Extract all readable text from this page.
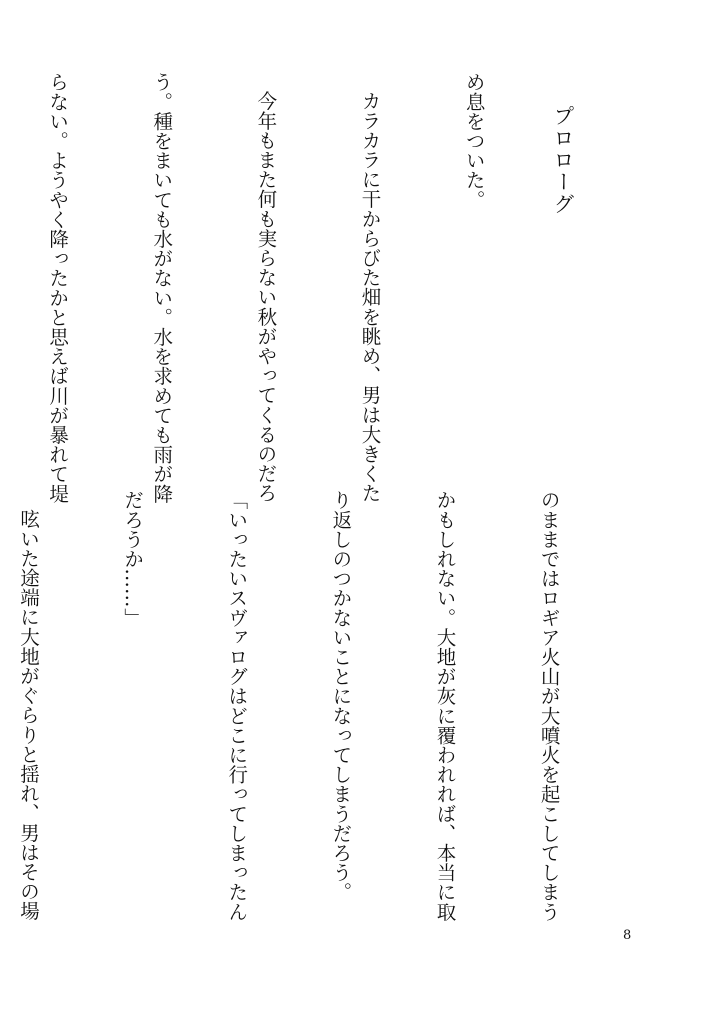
プロローグ

め息をついた。

カラカラに干からびた畑を眺め、男は大きくた

今年もまた何も実らない秋がやってくるのだろ

う。種をまいても水がない。水を求めても雨が降

らない。ようやく降ったかと思えば川が暴れて堤

のままではロギア火山が大噴火を起こしてしまう

かもしれない。大地が灰に覆われれば、本当に取

り返しのつかないことになってしまうだろう。

「いったいスヴァログはどこに行ってしまったん

だろうか……」

呟いた途端に大地がぐらりと揺れ、男はその場

8
